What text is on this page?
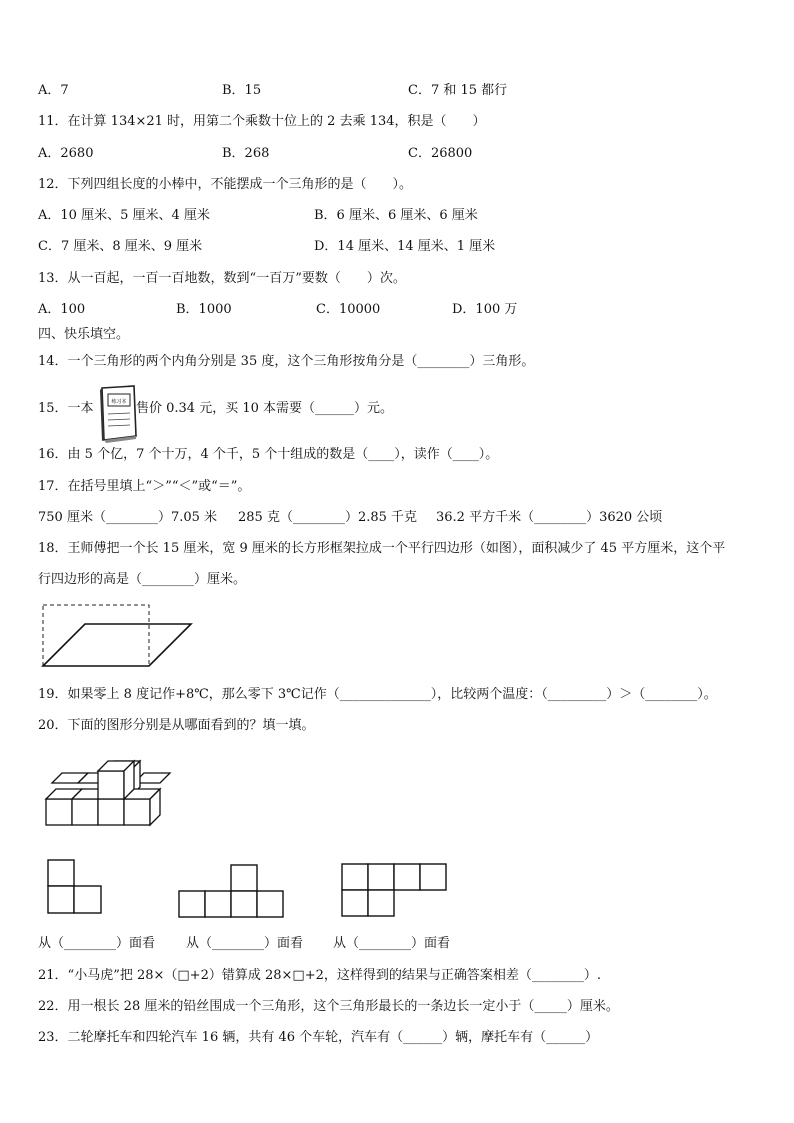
A．7	B．15	C．7 和 15 都行
11．在计算 134×21 时，用第二个乘数十位上的 2 去乘 134，积是（　　）
A．2680	B．268	C．26800
12．下列四组长度的小棒中，不能摆成一个三角形的是（　　）。
A．10 厘米、5 厘米、4 厘米	B．6 厘米、6 厘米、6 厘米
C．7 厘米、8 厘米、9 厘米	D．14 厘米、14 厘米、1 厘米
13．从一百起，一百一百地数，数到“一百万”要数（　　）次。
A．100	B．1000	C．10000	D．100 万
四、快乐填空。
14．一个三角形的两个内角分别是 35 度，这个三角形按角分是（________）三角形。
15．一本	练习本 售价 0.34 元，买 10 本需要（______）元。
16．由 5 个亿，7 个十万，4 个千，5 个十组成的数是（____），读作（____）。
17．在括号里填上“＞”“＜”或“＝”。
750 厘米（________）7.05 米 285 克（________）2.85 千克 36.2 平方千米（________）3620 公顷
18．王师傅把一个长 15 厘米，宽 9 厘米的长方形框架拉成一个平行四边形（如图），面积减少了 45 平方厘米，这个平
行四边形的高是（________）厘米。
19．如果零上 8 度记作+8℃，那么零下 3℃记作（______________），比较两个温度：（_________）＞（________）。
20．下面的图形分别是从哪面看到的？填一填。
从（________）面看 从（________）面看 从（________）面看
21．“小马虎”把 28×（□+2）错算成 28×□+2，这样得到的结果与正确答案相差（________）.
22．用一根长 28 厘米的铅丝围成一个三角形，这个三角形最长的一条边长一定小于（_____）厘米。
23．二轮摩托车和四轮汽车 16 辆，共有 46 个车轮，汽车有（______）辆，摩托车有（______）
